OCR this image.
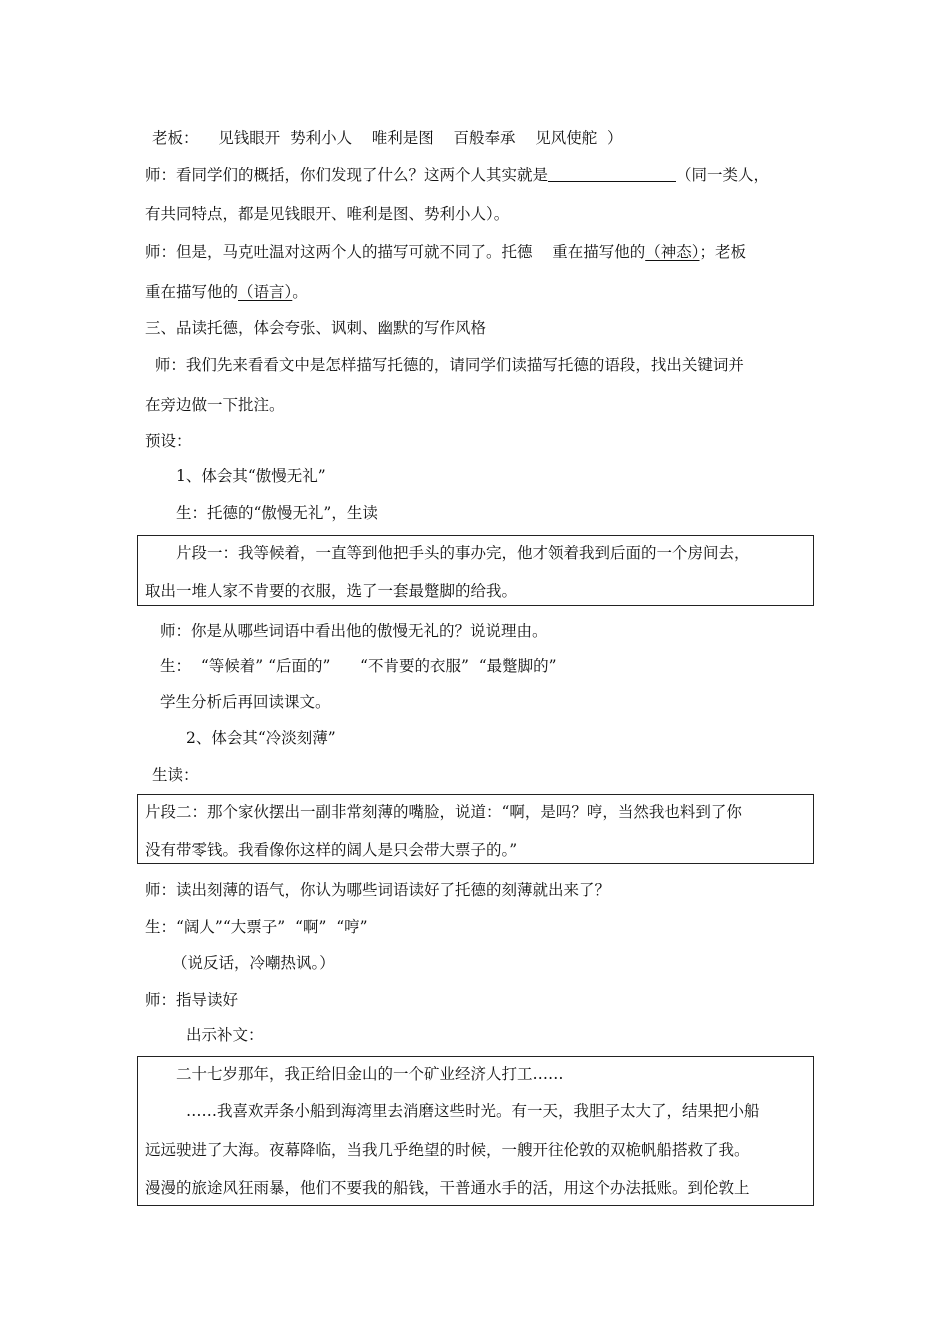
老板：    见钱眼开  势利小人    唯利是图    百般奉承    见风使舵  ）
师：看同学们的概括，你们发现了什么？这两个人其实就是	（同一类人，
有共同特点，都是见钱眼开、唯利是图、势利小人）。
师：但是，马克吐温对这两个人的描写可就不同了。托德    重在描写他的（神态）；老板
重在描写他的（语言）。
三、品读托德，体会夸张、讽刺、幽默的写作风格
师：我们先来看看文中是怎样描写托德的，请同学们读描写托德的语段，找出关键词并
在旁边做一下批注。
预设：
1、体会其“傲慢无礼”
生：托德的“傲慢无礼”，生读
片段一：我等候着，一直等到他把手头的事办完，他才领着我到后面的一个房间去，
取出一堆人家不肯要的衣服，选了一套最蹩脚的给我。
师：你是从哪些词语中看出他的傲慢无礼的？说说理由。
生：  “等候着” “后面的”      “不肯要的衣服”  “最蹩脚的”
学生分析后再回读课文。
2、体会其“冷淡刻薄”
生读：
片段二：那个家伙摆出一副非常刻薄的嘴脸，说道：“啊，是吗？哼，当然我也料到了你
没有带零钱。我看像你这样的阔人是只会带大票子的。”
师：读出刻薄的语气，你认为哪些词语读好了托德的刻薄就出来了？
生：“阔人”“大票子”  “啊”  “哼”
（说反话，冷嘲热讽。）
师：指导读好
出示补文：
二十七岁那年，我正给旧金山的一个矿业经济人打工……
……我喜欢弄条小船到海湾里去消磨这些时光。有一天，我胆子太大了，结果把小船
远远驶进了大海。夜幕降临，当我几乎绝望的时候，一艘开往伦敦的双桅帆船搭救了我。
漫漫的旅途风狂雨暴，他们不要我的船钱，干普通水手的活，用这个办法抵账。到伦敦上
